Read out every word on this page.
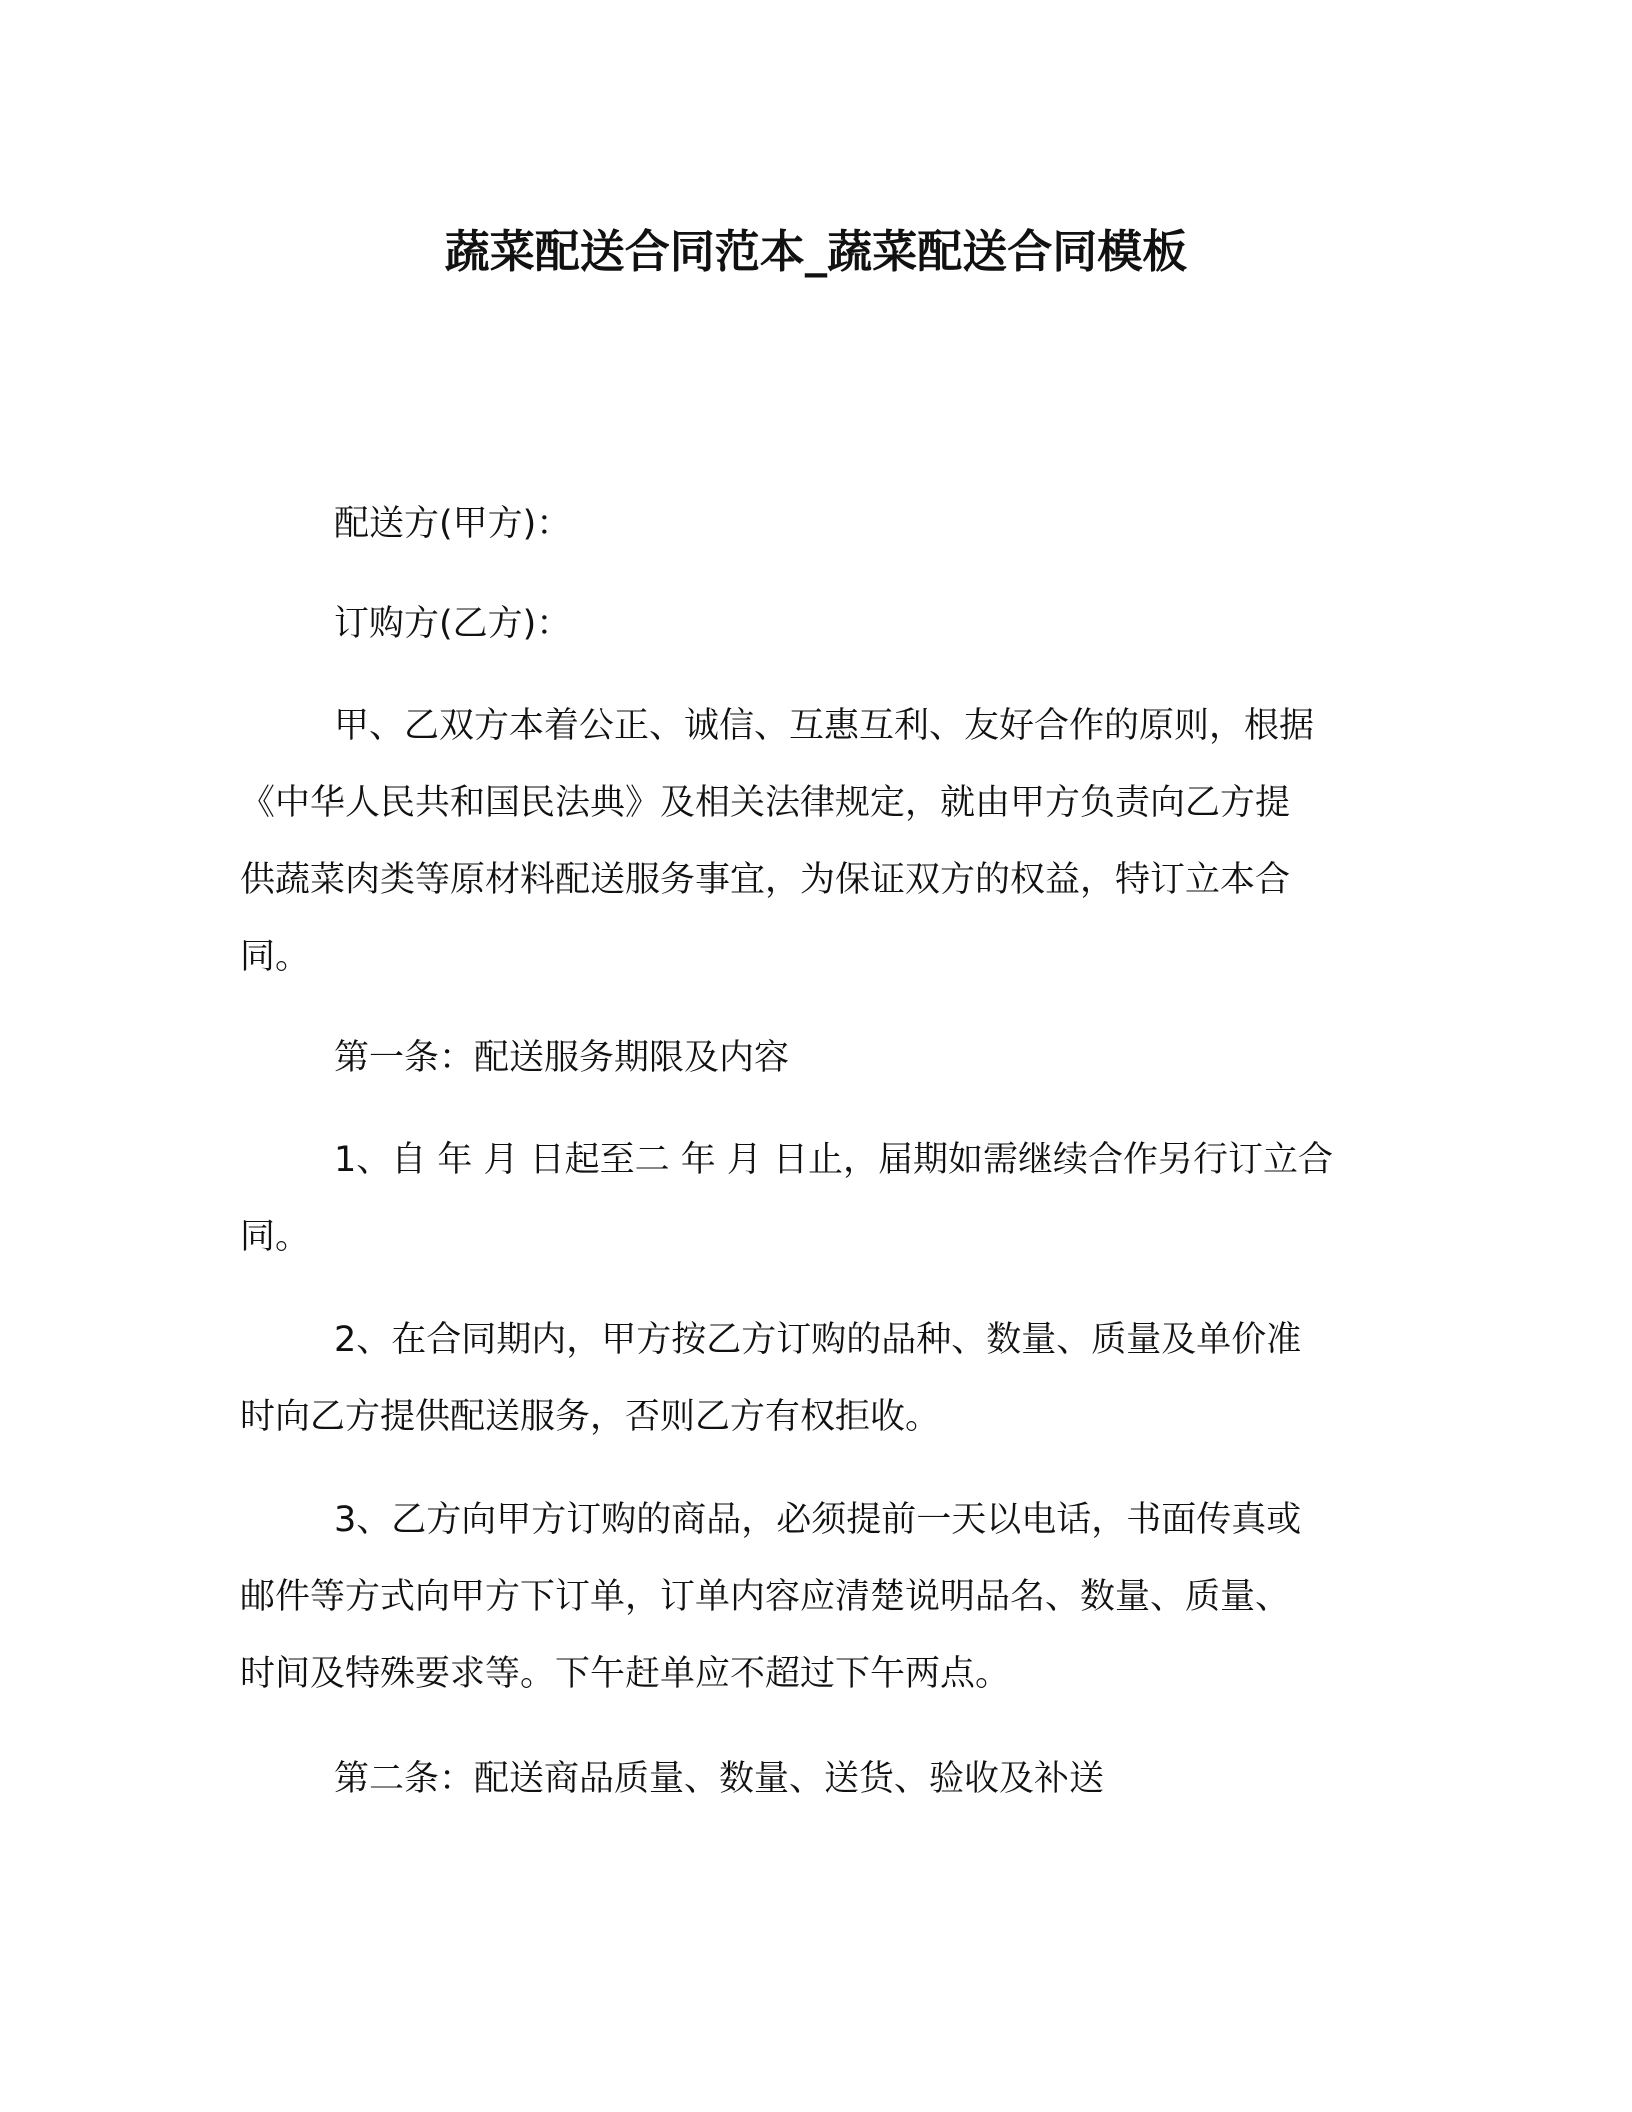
蔬菜配送合同范本_蔬菜配送合同模板

配送方(甲方)：

订购方(乙方)：

甲、乙双方本着公正、诚信、互惠互利、友好合作的原则，根据
《中华人民共和国民法典》及相关法律规定，就由甲方负责向乙方提
供蔬菜肉类等原材料配送服务事宜，为保证双方的权益，特订立本合
同。

第一条：配送服务期限及内容

1、自 年 月 日起至二 年 月 日止，届期如需继续合作另行订立合
同。

2、在合同期内，甲方按乙方订购的品种、数量、质量及单价准
时向乙方提供配送服务，否则乙方有权拒收。

3、乙方向甲方订购的商品，必须提前一天以电话，书面传真或
邮件等方式向甲方下订单，订单内容应清楚说明品名、数量、质量、
时间及特殊要求等。下午赶单应不超过下午两点。

第二条：配送商品质量、数量、送货、验收及补送
